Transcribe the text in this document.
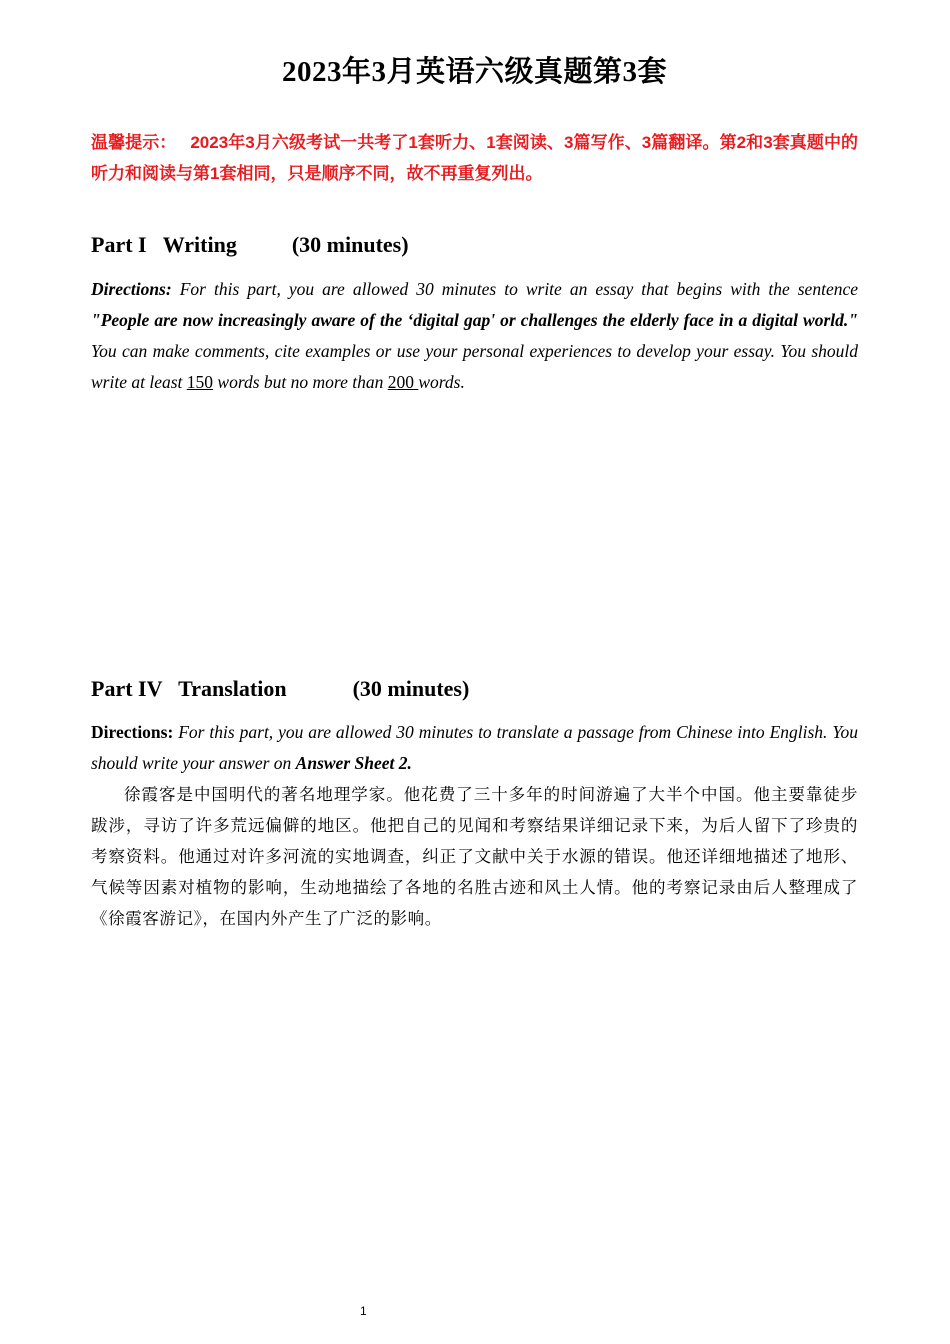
2023年3月英语六级真题第3套
温馨提示： 2023年3月六级考试一共考了1套听力、1套阅读、3篇写作、3篇翻译。第2和3套真题中的听力和阅读与第1套相同，只是顺序不同，故不再重复列出。
Part I   Writing	(30 minutes)
Directions: For this part, you are allowed 30 minutes to write an essay that begins with the sentence "People are now increasingly aware of the ‘digital gap' or challenges the elderly face in a digital world." You can make comments, cite examples or use your personal experiences to develop your essay. You should write at least 150 words but no more than 200 words.
Part IV   Translation	(30 minutes)
Directions: For this part, you are allowed 30 minutes to translate a passage from Chinese into English. You should write your answer on Answer Sheet 2.
徐霞客是中国明代的著名地理学家。他花费了三十多年的时间游遍了大半个中国。他主要靠徒步跋涉，寻访了许多荒远偏僻的地区。他把自己的见闻和考察结果详细记录下来，为后人留下了珍贵的考察资料。他通过对许多河流的实地调查，纠正了文献中关于水源的错误。他还详细地描述了地形、气候等因素对植物的影响，生动地描绘了各地的名胜古迹和风土人情。他的考察记录由后人整理成了《徐霞客游记》，在国内外产生了广泛的影响。
1
